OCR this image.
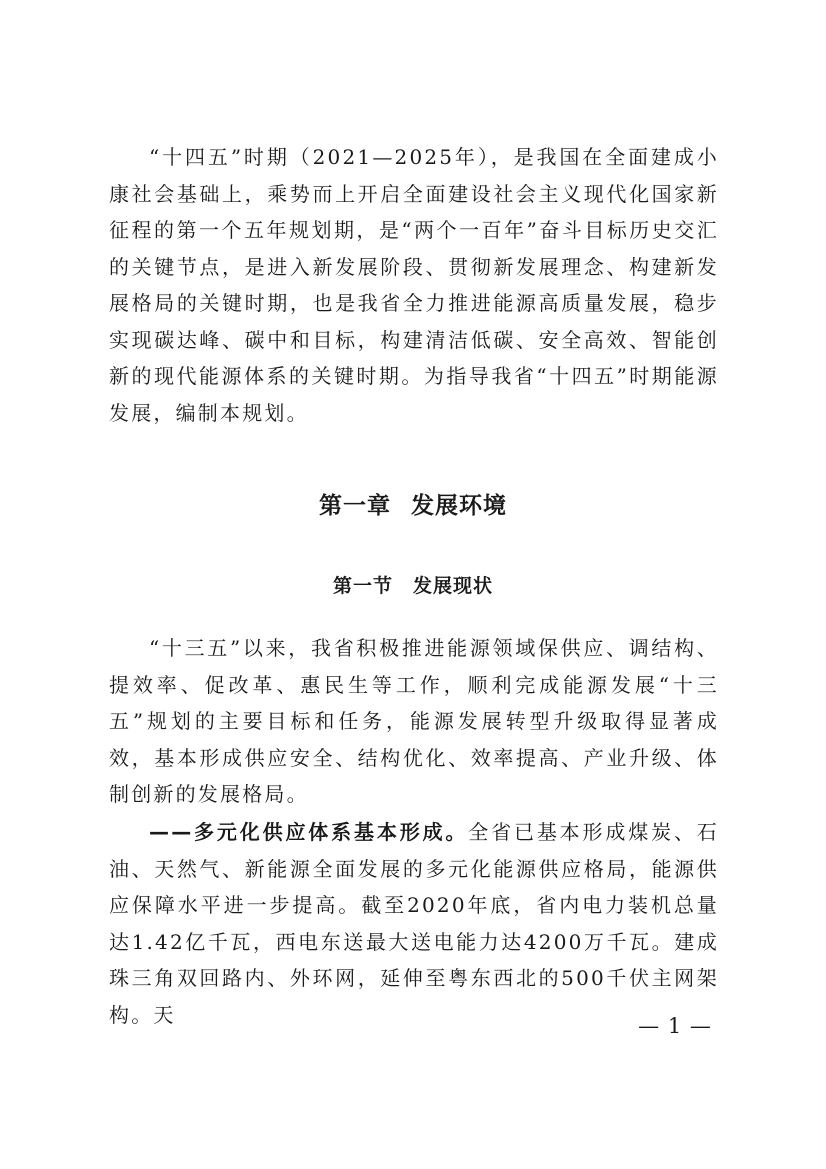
“十四五”时期（2021—2025年），是我国在全面建成小康社会基础上，乘势而上开启全面建设社会主义现代化国家新征程的第一个五年规划期，是“两个一百年”奋斗目标历史交汇的关键节点，是进入新发展阶段、贯彻新发展理念、构建新发展格局的关键时期，也是我省全力推进能源高质量发展，稳步实现碳达峰、碳中和目标，构建清洁低碳、安全高效、智能创新的现代能源体系的关键时期。为指导我省“十四五”时期能源发展，编制本规划。

第一章 发展环境
第一节 发展现状

“十三五”以来，我省积极推进能源领域保供应、调结构、提效率、促改革、惠民生等工作，顺利完成能源发展“十三五”规划的主要目标和任务，能源发展转型升级取得显著成效，基本形成供应安全、结构优化、效率提高、产业升级、体制创新的发展格局。

——多元化供应体系基本形成。全省已基本形成煤炭、石油、天然气、新能源全面发展的多元化能源供应格局，能源供应保障水平进一步提高。截至2020年底，省内电力装机总量达1.42亿千瓦，西电东送最大送电能力达4200万千瓦。建成珠三角双回路内、外环网，延伸至粤东西北的500千伏主网架构。天	— 1 —
